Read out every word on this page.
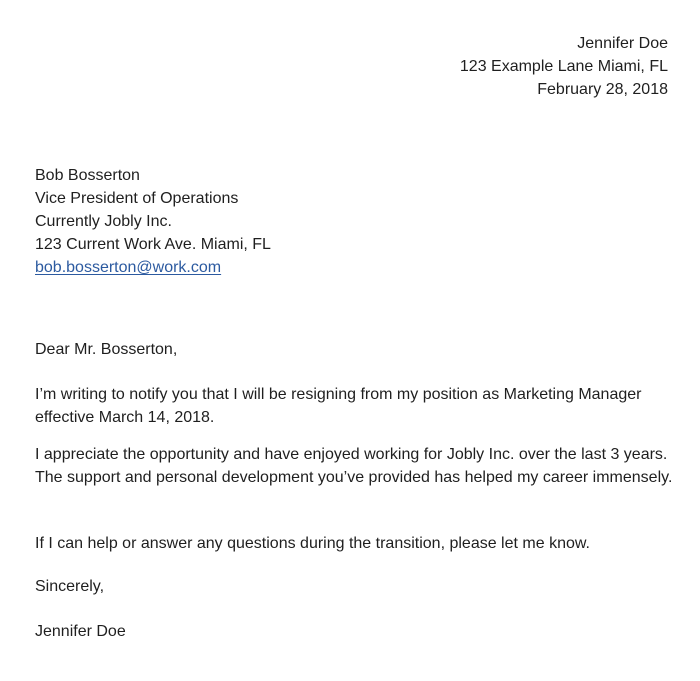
Jennifer Doe
123 Example Lane Miami, FL
February 28, 2018
Bob Bosserton
Vice President of Operations
Currently Jobly Inc.
123 Current Work Ave. Miami, FL
bob.bosserton@work.com
Dear Mr. Bosserton,
I’m writing to notify you that I will be resigning from my position as Marketing Manager effective March 14, 2018.
I appreciate the opportunity and have enjoyed working for Jobly Inc. over the last 3 years. The support and personal development you’ve provided has helped my career immensely.
If I can help or answer any questions during the transition, please let me know.
Sincerely,
Jennifer Doe
